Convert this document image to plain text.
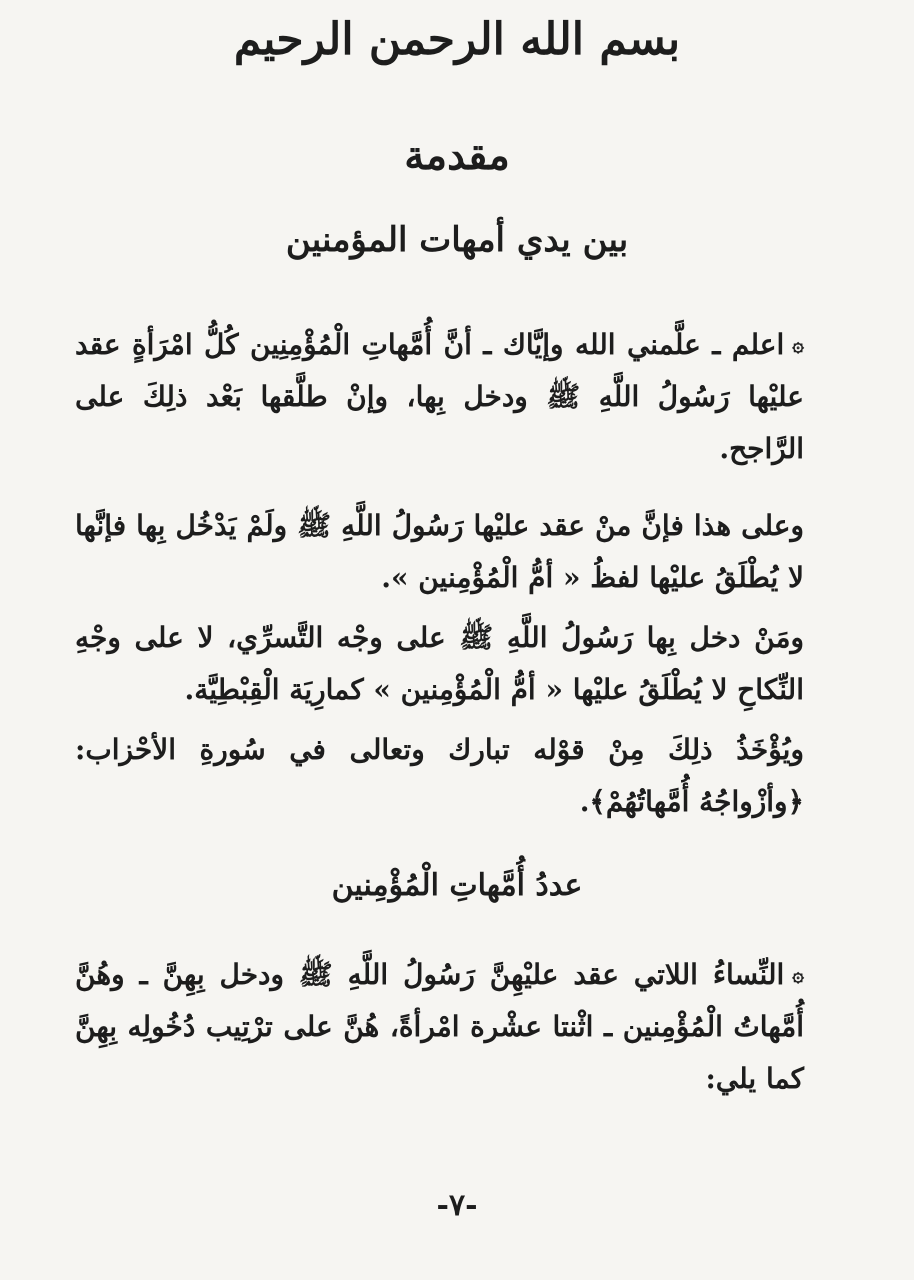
بسم الله الرحمن الرحيم
مقدمة
بين يدي أمهات المؤمنين
۞اعلم ـ علَّمني الله وإيَّاك ـ أنَّ أُمَّهاتِ الْمُؤْمِنِين كُلُّ امْرَأةٍ عقد عليْها رَسُولُ اللَّهِ ﷺ ودخل بِها، وإنْ طلَّقها بَعْد ذلِكَ على الرَّاجح.
وعلى هذا فإنَّ منْ عقد عليْها رَسُولُ اللَّهِ ﷺ ولَمْ يَدْخُل بِها فإنَّها لا يُطْلَقُ عليْها لفظُ « أمُّ الْمُؤْمِنين ».
ومَنْ دخل بِها رَسُولُ اللَّهِ ﷺ على وجْه التَّسرِّي، لا على وجْهِ النِّكاحِ لا يُطْلَقُ عليْها « أمُّ الْمُؤْمِنين » كمارِيَة الْقِبْطِيَّة.
ويُؤْخَذُ ذلِكَ مِنْ قوْله تبارك وتعالى في سُورةِ الأحْزاب: ﴿وأزْواجُهُ أُمَّهاتُهُمْ﴾.
عددُ أُمَّهاتِ الْمُؤْمِنين
۞النِّساءُ اللاتي عقد عليْهِنَّ رَسُولُ اللَّهِ ﷺ ودخل بِهِنَّ ـ وهُنَّ أُمَّهاتُ الْمُؤْمِنين ـ اثْنتا عشْرة امْرأةً، هُنَّ على ترْتِيب دُخُولِه بِهِنَّ كما يلي:
-٧-
